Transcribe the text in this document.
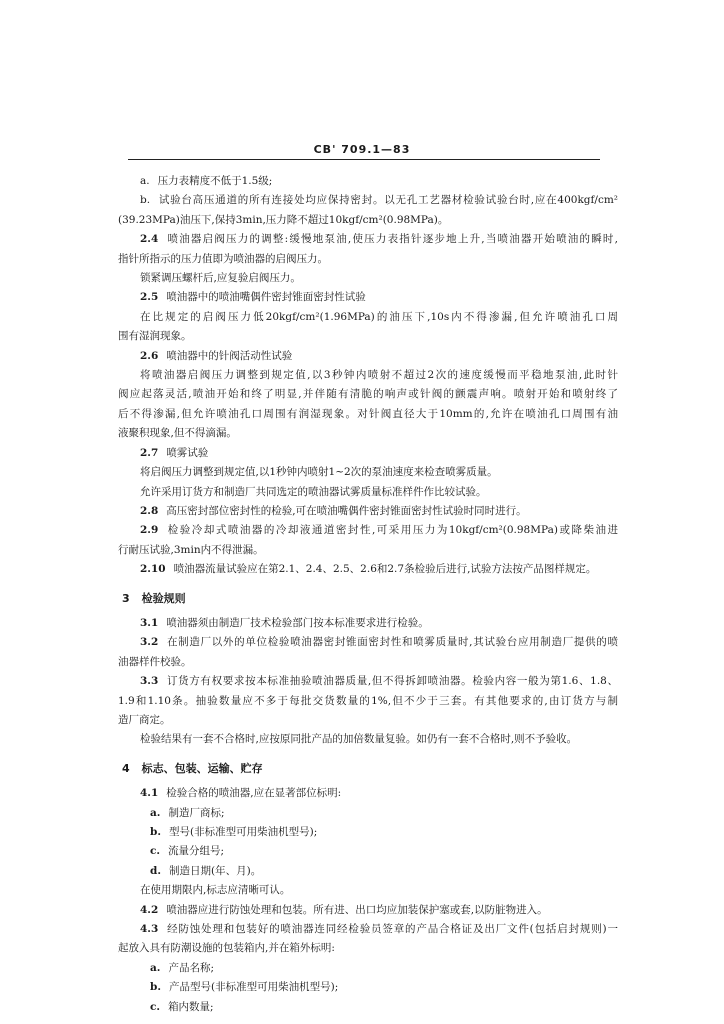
CB' 709.1—83

a. 压力表精度不低于1.5级;

b. 试验台高压通道的所有连接处均应保持密封。以无孔工艺器材检验试验台时,应在400kgf/cm²

(39.23MPa)油压下,保持3min,压力降不超过10kgf/cm²(0.98MPa)。

2.4 喷油器启阀压力的调整:缓慢地泵油,使压力表指针逐步地上升,当喷油器开始喷油的瞬时,

指针所指示的压力值即为喷油器的启阀压力。

锁紧调压螺杆后,应复验启阀压力。

2.5 喷油器中的喷油嘴偶件密封锥面密封性试验

在比规定的启阀压力低20kgf/cm²(1.96MPa)的油压下,10s内不得渗漏,但允许喷油孔口周

围有湿润现象。

2.6 喷油器中的针阀活动性试验

将喷油器启阀压力调整到规定值,以3秒钟内喷射不超过2次的速度缓慢而平稳地泵油,此时针

阀应起落灵活,喷油开始和终了明显,并伴随有清脆的响声或针阀的颤震声响。喷射开始和喷射终了

后不得渗漏,但允许喷油孔口周围有润湿现象。对针阀直径大于10mm的,允许在喷油孔口周围有油

液聚积现象,但不得滴漏。

2.7 喷雾试验

将启阀压力调整到规定值,以1秒钟内喷射1~2次的泵油速度来检查喷雾质量。

允许采用订货方和制造厂共同选定的喷油器试雾质量标准样件作比较试验。

2.8 高压密封部位密封性的检验,可在喷油嘴偶件密封锥面密封性试验时同时进行。

2.9 检验冷却式喷油器的冷却液通道密封性,可采用压力为10kgf/cm²(0.98MPa)或降柴油进

行耐压试验,3min内不得泄漏。

2.10 喷油器流量试验应在第2.1、2.4、2.5、2.6和2.7条检验后进行,试验方法按产品图样规定。

3 检验规则

3.1 喷油器须由制造厂技术检验部门按本标准要求进行检验。

3.2 在制造厂以外的单位检验喷油器密封锥面密封性和喷雾质量时,其试验台应用制造厂提供的喷

油器样件校验。

3.3 订货方有权要求按本标准抽验喷油器质量,但不得拆卸喷油器。检验内容一般为第1.6、1.8、

1.9和1.10条。抽验数量应不多于每批交货数量的1%,但不少于三套。有其他要求的,由订货方与制

造厂商定。

检验结果有一套不合格时,应按原同批产品的加倍数量复验。如仍有一套不合格时,则不予验收。

4 标志、包装、运输、贮存

4.1 检验合格的喷油器,应在显著部位标明:

a. 制造厂商标;

b. 型号(非标准型可用柴油机型号);

c. 流量分组号;

d. 制造日期(年、月)。

在使用期限内,标志应清晰可认。

4.2 喷油器应进行防蚀处理和包装。所有进、出口均应加装保护塞或套,以防脏物进入。

4.3 经防蚀处理和包装好的喷油器连同经检验员签章的产品合格证及出厂文件(包括启封规则)一

起放入具有防潮设施的包装箱内,并在箱外标明:

a. 产品名称;

b. 产品型号(非标准型可用柴油机型号);

c. 箱内数量;
